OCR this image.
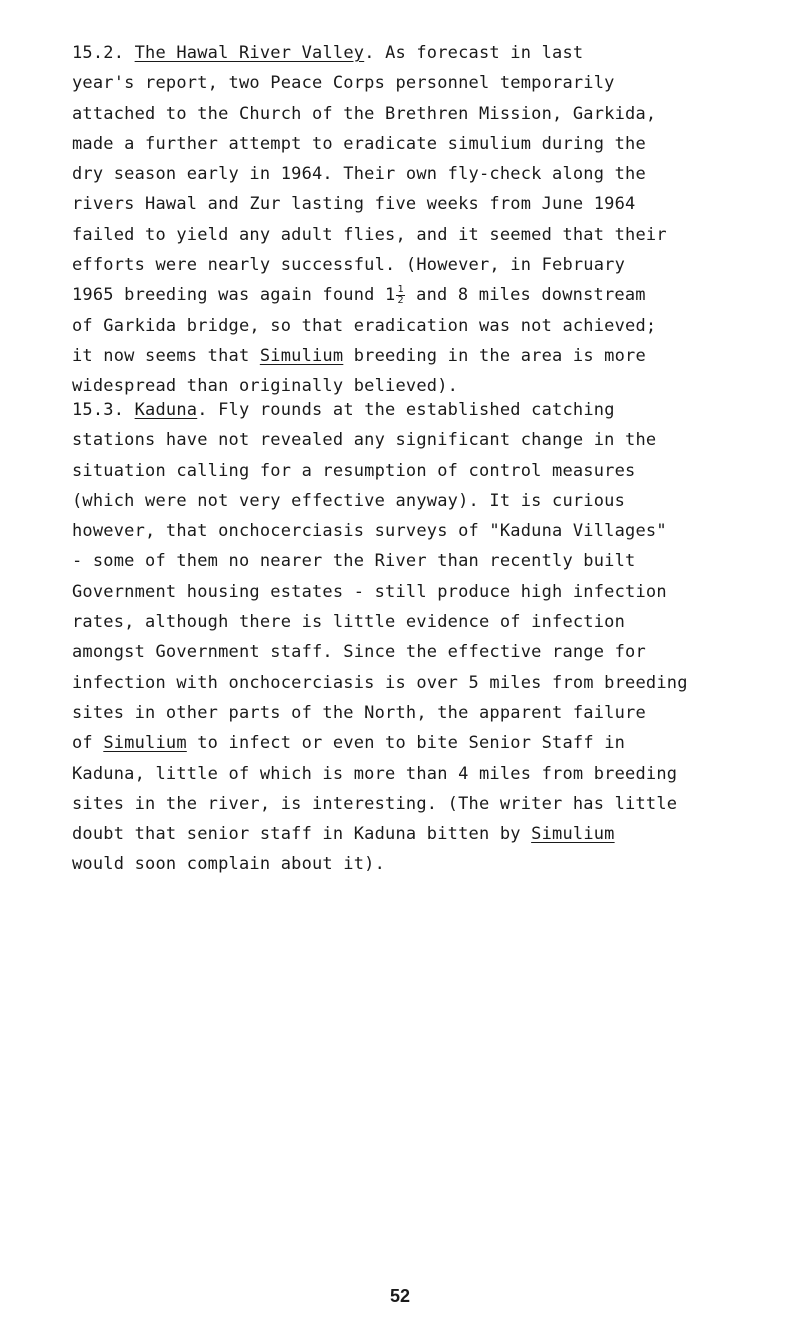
15.2. The Hawal River Valley. As forecast in last
year's report, two Peace Corps personnel temporarily
attached to the Church of the Brethren Mission, Garkida,
made a further attempt to eradicate simulium during the
dry season early in 1964. Their own fly-check along the
rivers Hawal and Zur lasting five weeks from June 1964
failed to yield any adult flies, and it seemed that their
efforts were nearly successful. (However, in February
1965 breeding was again found $1 \frac{1}{2}$ and 8 miles downstream
of Garkida bridge, so that eradication was not achieved;
it now seems that Simulium breeding in the area is more
widespread than originally believed).
15.3. Kaduna. Fly rounds at the established catching
stations have not revealed any significant change in the
situation calling for a resumption of control measures
(which were not very effective anyway). It is curious
however, that onchocerciasis surveys of "Kaduna Villages"
- some of them no nearer the River than recently built
Government housing estates - still produce high infection
rates, although there is little evidence of infection
amongst Government staff. Since the effective range for
infection with onchocerciasis is over 5 miles from breeding
sites in other parts of the North, the apparent failure
of Simulium to infect or even to bite Senior Staff in
Kaduna, little of which is more than 4 miles from breeding
sites in the river, is interesting. (The writer has little
doubt that senior staff in Kaduna bitten by Simulium
would soon complain about it).
52
